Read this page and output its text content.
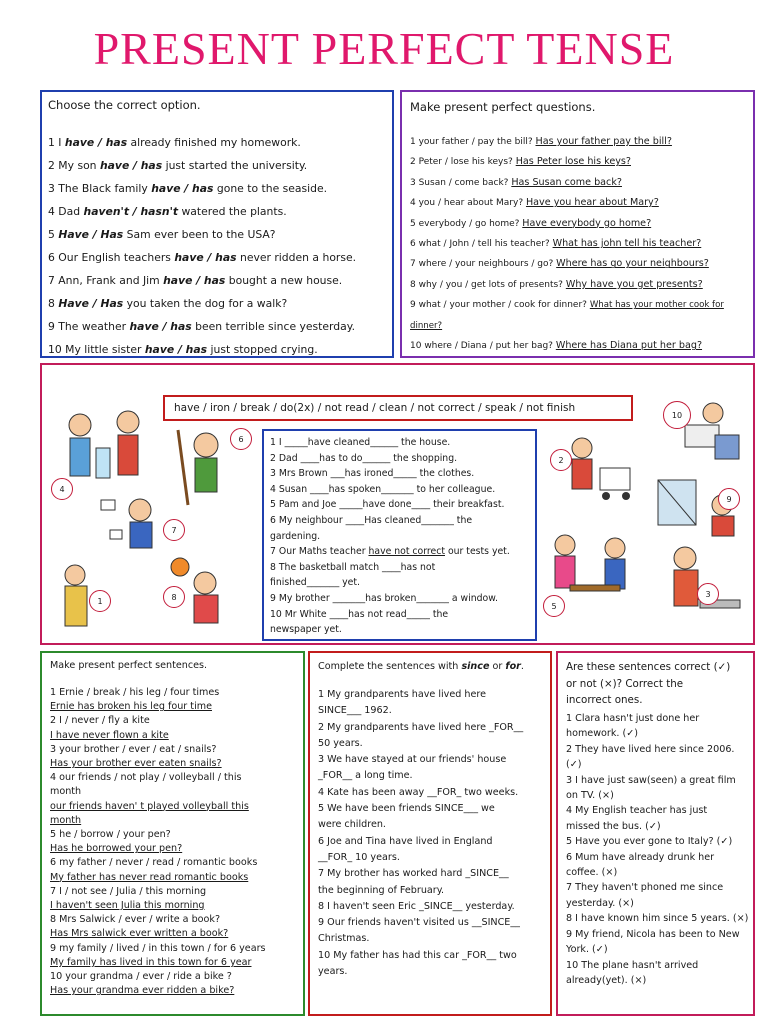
PRESENT PERFECT TENSE
Choose the correct option.
1 I have / has already finished my homework.
2 My son have / has just started the university.
3 The Black family have / has gone to the seaside.
4 Dad haven't / hasn't watered the plants.
5 Have / Has Sam ever been to the USA?
6 Our English teachers have / has never ridden a horse.
7 Ann, Frank and Jim have / has bought a new house.
8 Have / Has you taken the dog for a walk?
9 The weather have / has been terrible since yesterday.
10 My little sister have / has just stopped crying.
Make present perfect questions.
1 your father / pay the bill? Has your father pay the bill?
2 Peter / lose his keys? Has Peter lose his keys?
3 Susan / come back? Has Susan come back?
4 you / hear about Mary? Have you hear about Mary?
5 everybody / go home? Have everybody go home?
6 what / John / tell his teacher? What has john tell his teacher?
7 where / your neighbours / go? Where has go your neighbours?
8 why / you / get lots of presents? Why have you get presents?
9 what / your mother / cook for dinner? What has your mother cook for
dinner?
10 where / Diana / put her bag? Where has Diana put her bag?
have / iron / break / do(2x) / not read / clean / not correct / speak / not finish
1 I _____have cleaned______ the house.
2 Dad ____has to do______ the shopping.
3 Mrs Brown ___has ironed_____ the clothes.
4 Susan ____has spoken_______ to her colleague.
5 Pam and Joe _____have done____ their breakfast.
6 My neighbour ____Has cleaned_______ the
gardening.
7 Our Maths teacher have not correct our tests yet.
8 The basketball match ____has not
finished_______ yet.
9 My brother _______has broken_______ a window.
10 Mr White ____has not read_____ the
newspaper yet.
6
4
7
1	8
2
10
9
5
3
Make present perfect sentences.
1 Ernie / break / his leg / four times
Ernie has broken his leg four time
2 I / never / fly a kite
I have never flown a kite
3 your brother / ever / eat / snails?
Has your brother ever eaten snails?
4 our friends / not play / volleyball / this
month
our friends haven' t played volleyball this
month
5 he / borrow / your pen?
Has he borrowed your pen?
6 my father / never / read / romantic books
My father has never read romantic books
7 I / not see / Julia / this morning
I haven't seen Julia this morning
8 Mrs Salwick / ever / write a book?
Has Mrs salwick ever written a book?
9 my family / lived / in this town / for 6 years
My family has lived in this town for 6 year
10 your grandma / ever / ride a bike ?
Has your grandma ever ridden a bike?
Complete the sentences with since or for.
1 My grandparents have lived here
SINCE___ 1962.
2 My grandparents have lived here _FOR__
50 years.
3 We have stayed at our friends' house
_FOR__ a long time.
4 Kate has been away __FOR_ two weeks.
5 We have been friends SINCE___ we
were children.
6 Joe and Tina have lived in England
__FOR_ 10 years.
7 My brother has worked hard _SINCE__
the beginning of February.
8 I haven't seen Eric _SINCE__ yesterday.
9 Our friends haven't visited us __SINCE__
Christmas.
10 My father has had this car _FOR__ two
years.
Are these sentences correct (✓)
or not (×)? Correct the
incorrect ones.
1 Clara hasn't just done her
homework. (✓)
2 They have lived here since 2006.
(✓)
3 I have just saw(seen) a great film
on TV. (×)
4 My English teacher has just
missed the bus. (✓)
5 Have you ever gone to Italy? (✓)
6 Mum have already drunk her
coffee. (×)
7 They haven't phoned me since
yesterday. (×)
8 I have known him since 5 years. (×)
9 My friend, Nicola has been to New
York. (✓)
10 The plane hasn't arrived
already(yet). (×)
